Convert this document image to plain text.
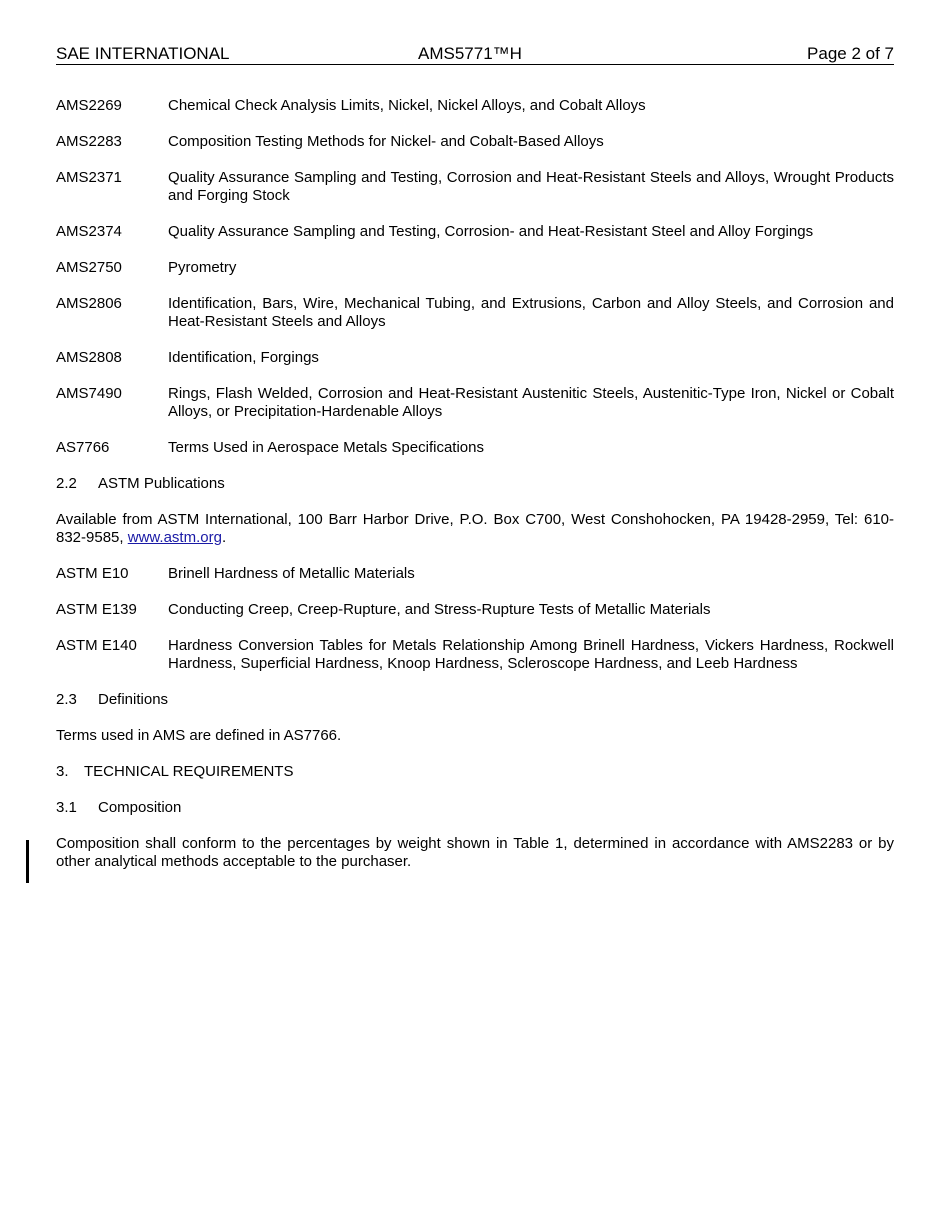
SAE INTERNATIONAL	AMS5771™H	Page 2 of 7
AMS2269	Chemical Check Analysis Limits, Nickel, Nickel Alloys, and Cobalt Alloys
AMS2283	Composition Testing Methods for Nickel- and Cobalt-Based Alloys
AMS2371	Quality Assurance Sampling and Testing, Corrosion and Heat-Resistant Steels and Alloys, Wrought Products and Forging Stock
AMS2374	Quality Assurance Sampling and Testing, Corrosion- and Heat-Resistant Steel and Alloy Forgings
AMS2750	Pyrometry
AMS2806	Identification, Bars, Wire, Mechanical Tubing, and Extrusions, Carbon and Alloy Steels, and Corrosion and Heat-Resistant Steels and Alloys
AMS2808	Identification, Forgings
AMS7490	Rings, Flash Welded, Corrosion and Heat-Resistant Austenitic Steels, Austenitic-Type Iron, Nickel or Cobalt Alloys, or Precipitation-Hardenable Alloys
AS7766	Terms Used in Aerospace Metals Specifications
2.2 ASTM Publications
Available from ASTM International, 100 Barr Harbor Drive, P.O. Box C700, West Conshohocken, PA 19428-2959, Tel: 610-832-9585, www.astm.org.
ASTM E10	Brinell Hardness of Metallic Materials
ASTM E139	Conducting Creep, Creep-Rupture, and Stress-Rupture Tests of Metallic Materials
ASTM E140	Hardness Conversion Tables for Metals Relationship Among Brinell Hardness, Vickers Hardness, Rockwell Hardness, Superficial Hardness, Knoop Hardness, Scleroscope Hardness, and Leeb Hardness
2.3 Definitions
Terms used in AMS are defined in AS7766.
3. TECHNICAL REQUIREMENTS
3.1 Composition
Composition shall conform to the percentages by weight shown in Table 1, determined in accordance with AMS2283 or by other analytical methods acceptable to the purchaser.
